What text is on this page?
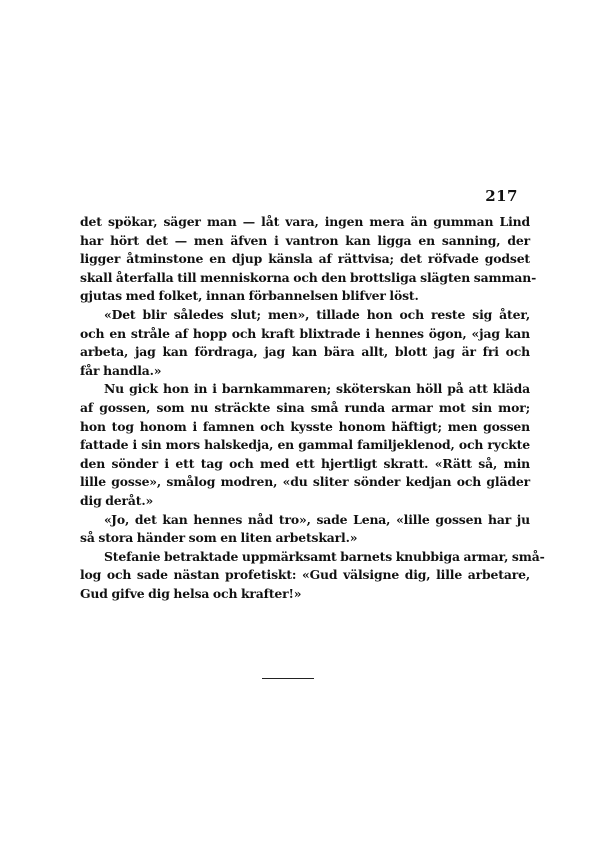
217
det spökar, säger man — låt vara, ingen mera än gumman Lind
har hört det — men äfven i vantron kan ligga en sanning, der
ligger åtminstone en djup känsla af rättvisa; det röfvade godset
skall återfalla till menniskorna och den brottsliga slägten samman-
gjutas med folket, innan förbannelsen blifver löst.
«Det blir således slut; men», tillade hon och reste sig åter,
och en stråle af hopp och kraft blixtrade i hennes ögon, «jag kan
arbeta, jag kan fördraga, jag kan bära allt, blott jag är fri och
får handla.»
Nu gick hon in i barnkammaren; sköterskan höll på att kläda
af gossen, som nu sträckte sina små runda armar mot sin mor;
hon tog honom i famnen och kysste honom häftigt; men gossen
fattade i sin mors halskedja, en gammal familjeklenod, och ryckte
den sönder i ett tag och med ett hjertligt skratt. «Rätt så, min
lille gosse», smålog modren, «du sliter sönder kedjan och gläder
dig deråt.»
«Jo, det kan hennes nåd tro», sade Lena, «lille gossen har ju
så stora händer som en liten arbetskarl.»
Stefanie betraktade uppmärksamt barnets knubbiga armar, små-
log och sade nästan profetiskt: «Gud välsigne dig, lille arbetare,
Gud gifve dig helsa och krafter!»
